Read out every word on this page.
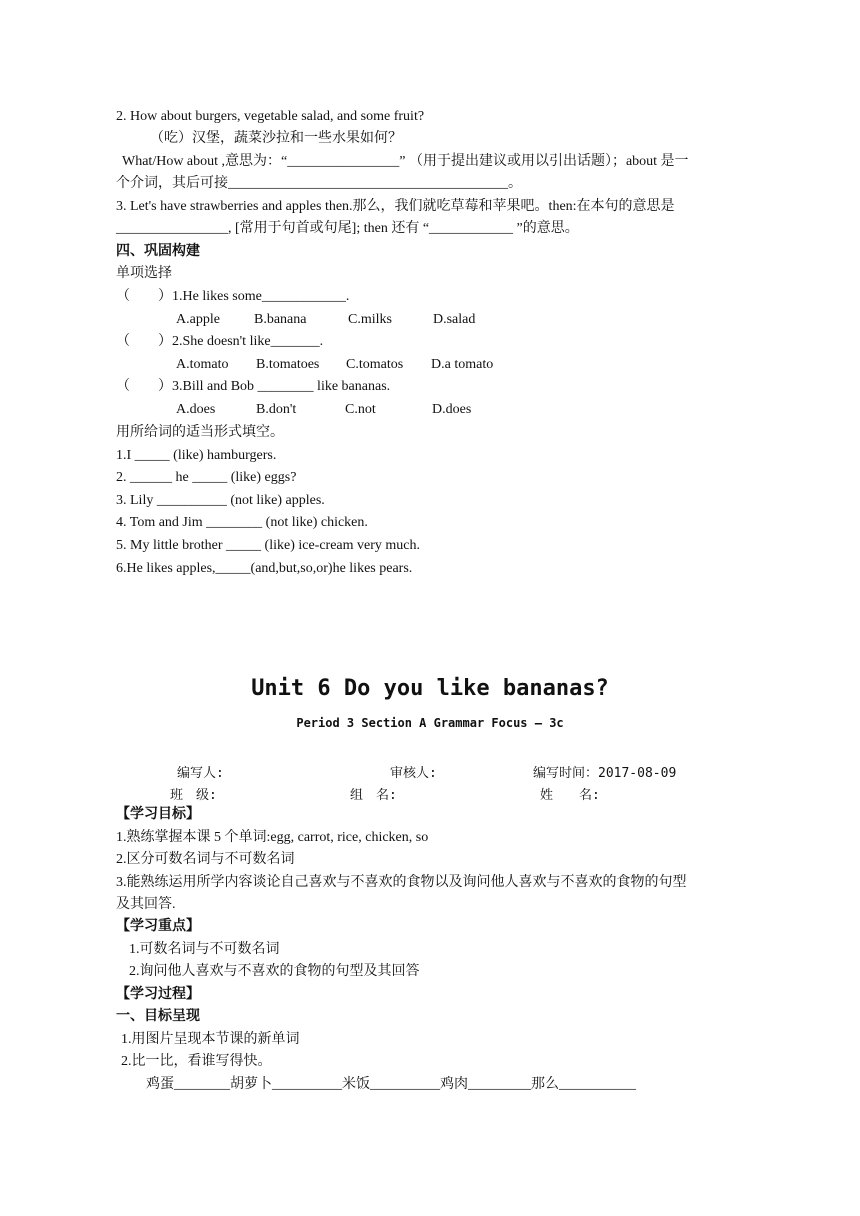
2. How about burgers, vegetable salad, and some fruit?
（吃）汉堡，蔬菜沙拉和一些水果如何？
What/How about ,意思为：“________________” （用于提出建议或用以引出话题）；about 是一
个介词，其后可接________________________________________。
3. Let's have strawberries and apples then.那么，我们就吃草莓和苹果吧。then:在本句的意思是
________________, [常用于句首或句尾]; then 还有 “____________ ”的意思。
四、巩固构建
单项选择
（　　）1.He likes some____________.
A.apple B.banana	C.milks	D.salad
（　　）2.She doesn't like_______.
A.tomato B.tomatoes C.tomatos D.a tomato
（　　）3.Bill and Bob ________ like bananas.
A.does	B.don't	C.not	D.does
用所给词的适当形式填空。
1.I _____ (like) hamburgers.
2. ______ he _____ (like) eggs?
3. Lily __________ (not like) apples.
4. Tom and Jim ________ (not like) chicken.
5. My little brother _____ (like) ice-cream very much.
6.He likes apples,_____(and,but,so,or)he likes pears.
Unit 6 Do you like bananas?
Period 3 Section A Grammar Focus – 3c
编写人:	审核人:	编写时间：2017-08-09
班　级:	组　名:	姓　　名:
【学习目标】
1.熟练掌握本课 5 个单词:egg, carrot, rice, chicken, so
2.区分可数名词与不可数名词
3.能熟练运用所学内容谈论自己喜欢与不喜欢的食物以及询问他人喜欢与不喜欢的食物的句型
及其回答.
【学习重点】
1.可数名词与不可数名词
2.询问他人喜欢与不喜欢的食物的句型及其回答
【学习过程】
一、目标呈现
1.用图片呈现本节课的新单词
2.比一比，看谁写得快。
鸡蛋________胡萝卜__________米饭__________鸡肉_________那么___________
